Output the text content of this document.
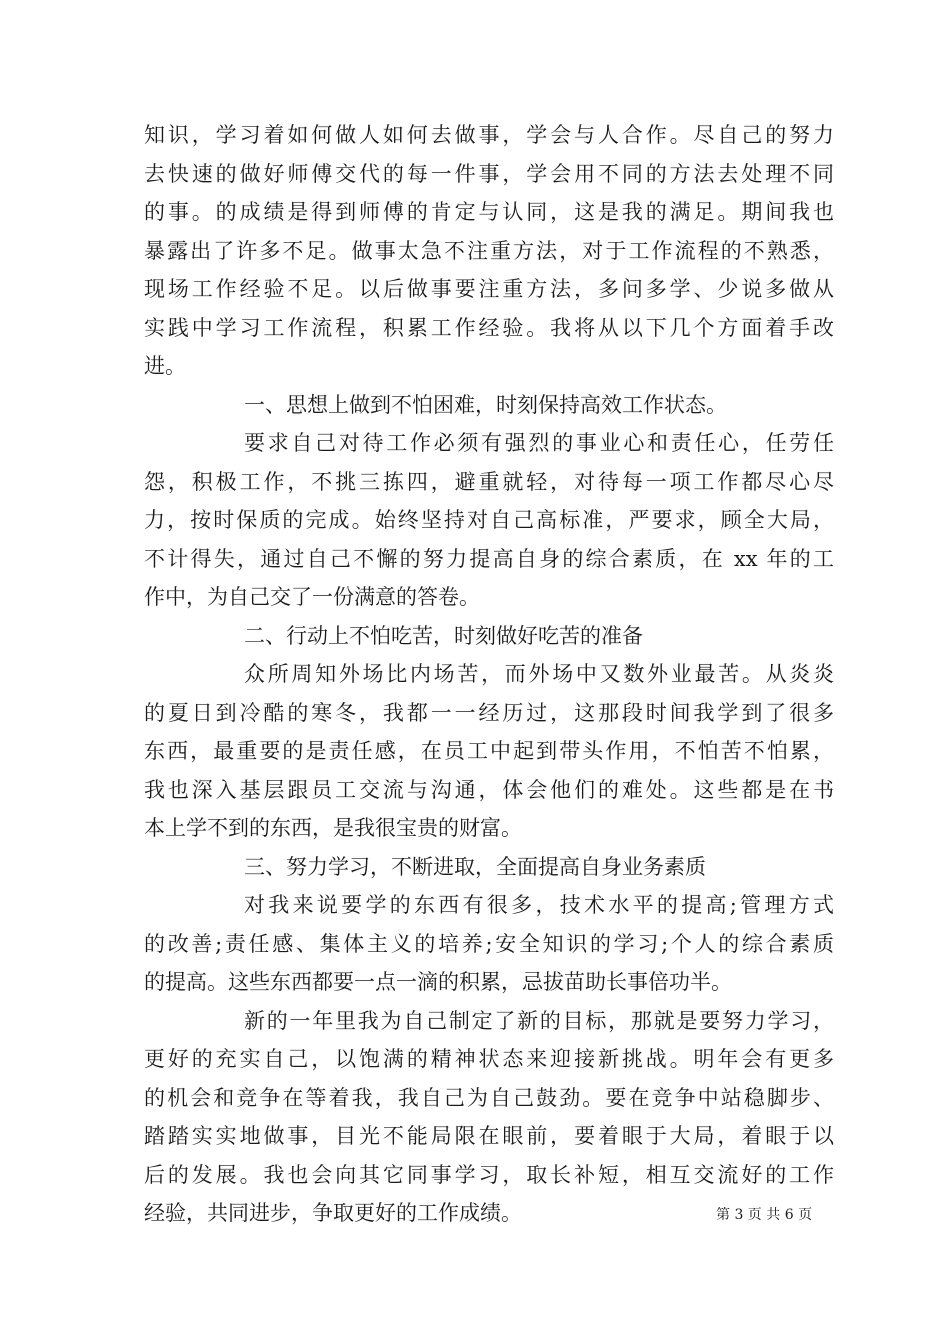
知识，学习着如何做人如何去做事，学会与人合作。尽自己的努力
去快速的做好师傅交代的每一件事，学会用不同的方法去处理不同
的事。的成绩是得到师傅的肯定与认同，这是我的满足。期间我也
暴露出了许多不足。做事太急不注重方法，对于工作流程的不熟悉，
现场工作经验不足。以后做事要注重方法，多问多学、少说多做从
实践中学习工作流程，积累工作经验。我将从以下几个方面着手改
进。
一、思想上做到不怕困难，时刻保持高效工作状态。
要求自己对待工作必须有强烈的事业心和责任心，任劳任
怨，积极工作，不挑三拣四，避重就轻，对待每一项工作都尽心尽
力，按时保质的完成。始终坚持对自己高标准，严要求，顾全大局，
不计得失，通过自己不懈的努力提高自身的综合素质，在 xx 年的工
作中，为自己交了一份满意的答卷。
二、行动上不怕吃苦，时刻做好吃苦的准备
众所周知外场比内场苦，而外场中又数外业最苦。从炎炎
的夏日到冷酷的寒冬，我都一一经历过，这那段时间我学到了很多
东西，最重要的是责任感，在员工中起到带头作用，不怕苦不怕累，
我也深入基层跟员工交流与沟通，体会他们的难处。这些都是在书
本上学不到的东西，是我很宝贵的财富。
三、努力学习，不断进取，全面提高自身业务素质
对我来说要学的东西有很多，技术水平的提高;管理方式
的改善;责任感、集体主义的培养;安全知识的学习;个人的综合素质
的提高。这些东西都要一点一滴的积累，忌拔苗助长事倍功半。
新的一年里我为自己制定了新的目标，那就是要努力学习，
更好的充实自己，以饱满的精神状态来迎接新挑战。明年会有更多
的机会和竞争在等着我，我自己为自己鼓劲。要在竞争中站稳脚步、
踏踏实实地做事，目光不能局限在眼前，要着眼于大局，着眼于以
后的发展。我也会向其它同事学习，取长补短，相互交流好的工作
经验，共同进步，争取更好的工作成绩。	第 3 页 共 6 页
